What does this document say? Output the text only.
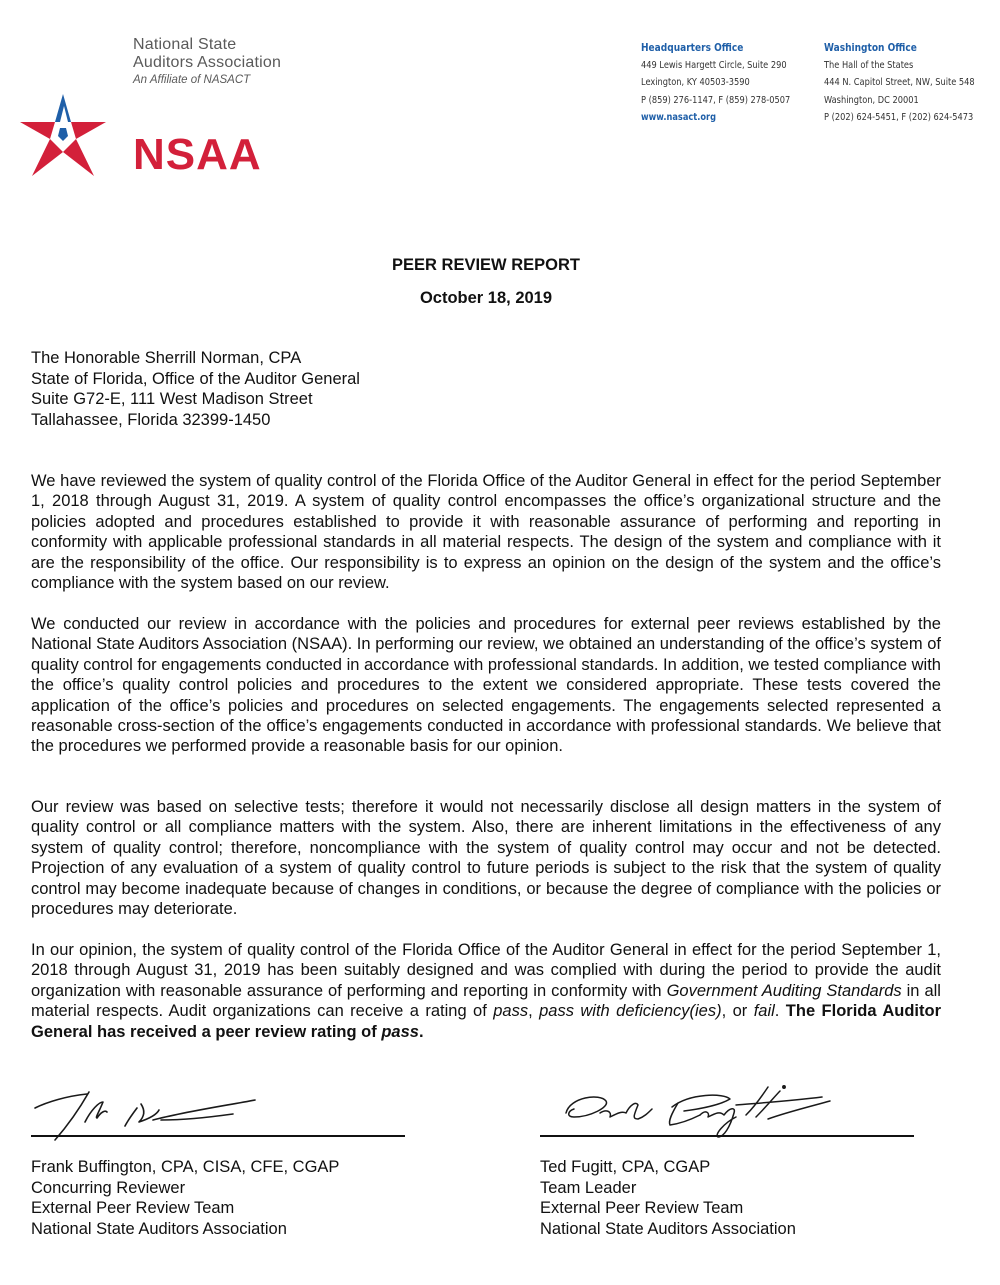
National State
Auditors Association
An Affiliate of NASACT
NSAA
Headquarters Office
449 Lewis Hargett Circle, Suite 290
Lexington, KY 40503-3590
P (859) 276-1147, F (859) 278-0507
www.nasact.org
Washington Office
The Hall of the States
444 N. Capitol Street, NW, Suite 548
Washington, DC 20001
P (202) 624-5451, F (202) 624-5473
PEER REVIEW REPORT
October 18, 2019
The Honorable Sherrill Norman, CPA
State of Florida, Office of the Auditor General
Suite G72-E, 111 West Madison Street
Tallahassee, Florida 32399-1450
We have reviewed the system of quality control of the Florida Office of the Auditor General in effect for the period September 1, 2018 through August 31, 2019. A system of quality control encompasses the office’s organizational structure and the policies adopted and procedures established to provide it with reasonable assurance of performing and reporting in conformity with applicable professional standards in all material respects. The design of the system and compliance with it are the responsibility of the office. Our responsibility is to express an opinion on the design of the system and the office’s compliance with the system based on our review.
We conducted our review in accordance with the policies and procedures for external peer reviews established by the National State Auditors Association (NSAA). In performing our review, we obtained an understanding of the office’s system of quality control for engagements conducted in accordance with professional standards. In addition, we tested compliance with the office’s quality control policies and procedures to the extent we considered appropriate. These tests covered the application of the office’s policies and procedures on selected engagements. The engagements selected represented a reasonable cross-section of the office’s engagements conducted in accordance with professional standards. We believe that the procedures we performed provide a reasonable basis for our opinion.
Our review was based on selective tests; therefore it would not necessarily disclose all design matters in the system of quality control or all compliance matters with the system. Also, there are inherent limitations in the effectiveness of any system of quality control; therefore, noncompliance with the system of quality control may occur and not be detected. Projection of any evaluation of a system of quality control to future periods is subject to the risk that the system of quality control may become inadequate because of changes in conditions, or because the degree of compliance with the policies or procedures may deteriorate.
In our opinion, the system of quality control of the Florida Office of the Auditor General in effect for the period September 1, 2018 through August 31, 2019 has been suitably designed and was complied with during the period to provide the audit organization with reasonable assurance of performing and reporting in conformity with Government Auditing Standards in all material respects. Audit organizations can receive a rating of pass, pass with deficiency(ies), or fail. The Florida Auditor General has received a peer review rating of pass.
Frank Buffington, CPA, CISA, CFE, CGAP
Concurring Reviewer
External Peer Review Team
National State Auditors Association
Ted Fugitt, CPA, CGAP
Team Leader
External Peer Review Team
National State Auditors Association
